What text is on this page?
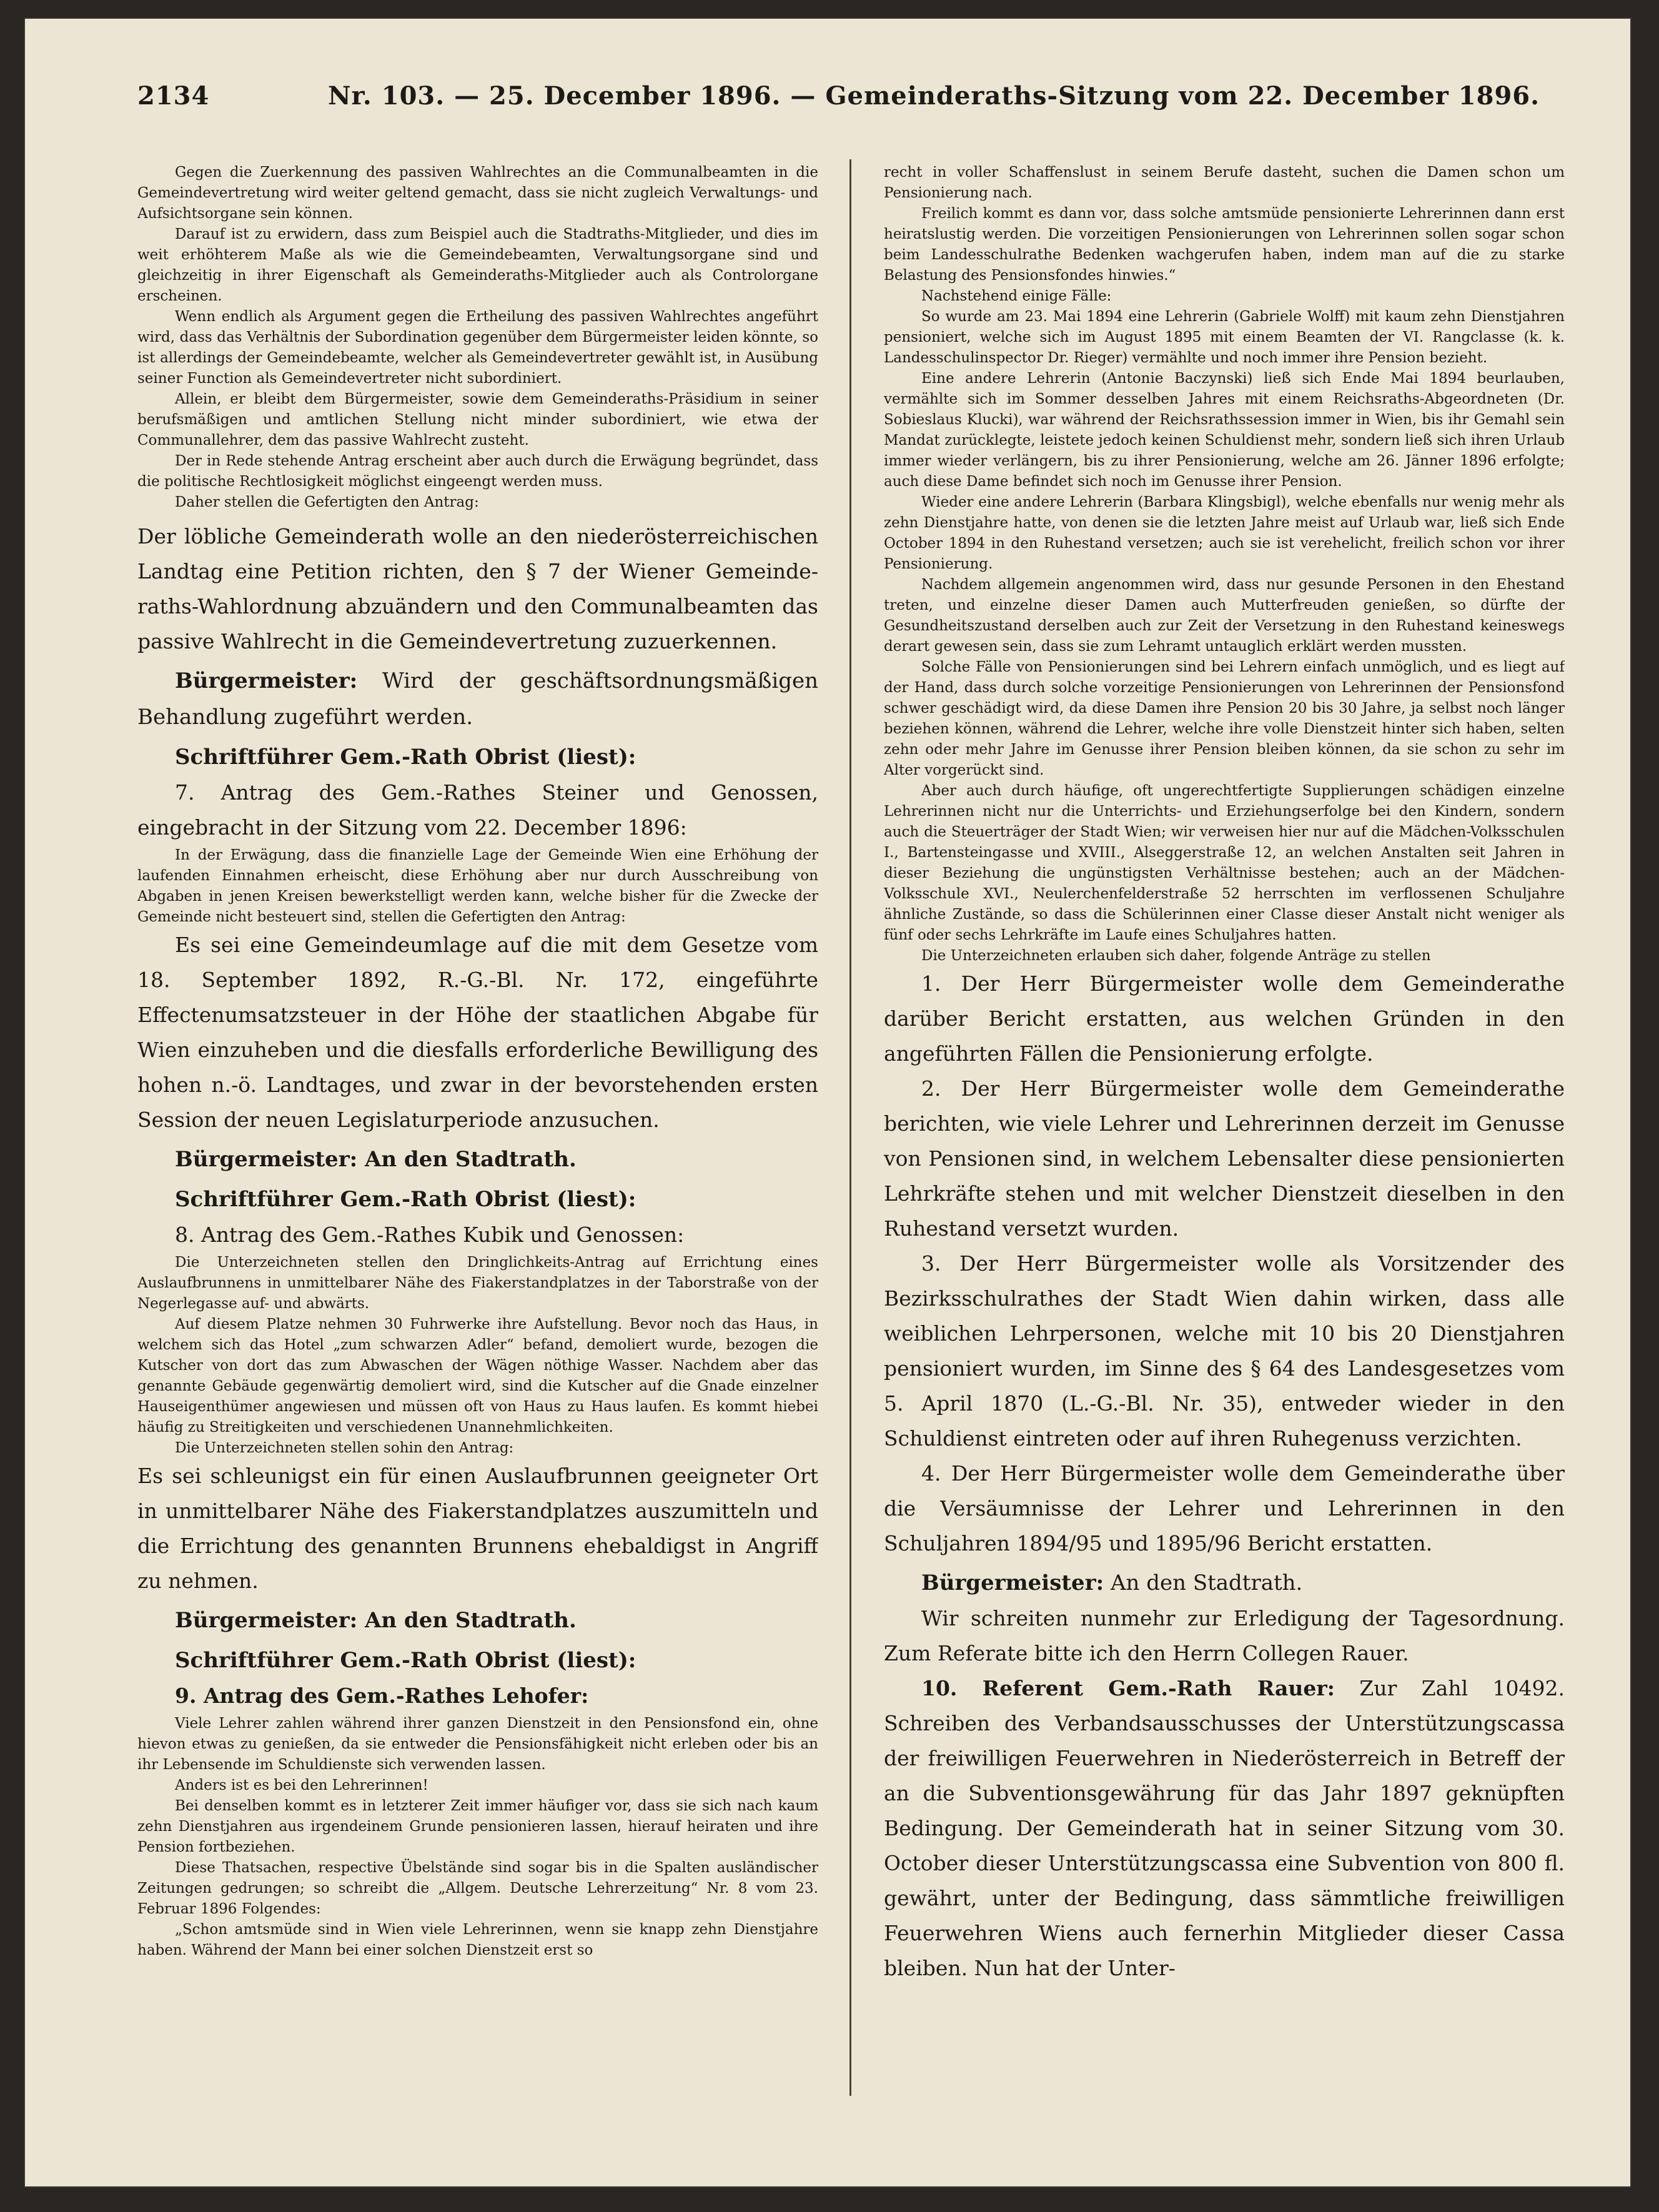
2134	Nr. 103. — 25. December 1896. — Gemeinderaths-Sitzung vom 22. December 1896.

Gegen die Zuerkennung des passiven Wahlrechtes an die Communalbeamten in die Gemeindevertretung wird weiter geltend gemacht, dass sie nicht zugleich Verwaltungs- und Aufsichtsorgane sein können.

Darauf ist zu erwidern, dass zum Beispiel auch die Stadtraths-Mitglieder, und dies im weit erhöhterem Maße als wie die Gemeindebeamten, Verwaltungsorgane sind und gleichzeitig in ihrer Eigenschaft als Gemeinderaths-Mitglieder auch als Controlorgane erscheinen.

Wenn endlich als Argument gegen die Ertheilung des passiven Wahlrechtes angeführt wird, dass das Verhältnis der Subordination gegenüber dem Bürgermeister leiden könnte, so ist allerdings der Gemeindebeamte, welcher als Gemeindevertreter gewählt ist, in Ausübung seiner Function als Gemeindevertreter nicht subordiniert.

Allein, er bleibt dem Bürgermeister, sowie dem Gemeinderaths-Präsidium in seiner berufsmäßigen und amtlichen Stellung nicht minder subordiniert, wie etwa der Communallehrer, dem das passive Wahlrecht zusteht.

Der in Rede stehende Antrag erscheint aber auch durch die Erwägung begründet, dass die politische Rechtlosigkeit möglichst eingeengt werden muss.

Daher stellen die Gefertigten den Antrag:

Der löbliche Gemeinderath wolle an den niederösterreichischen Landtag eine Petition richten, den § 7 der Wiener Gemeinde-raths-Wahlordnung abzuändern und den Communalbeamten das passive Wahlrecht in die Gemeindevertretung zuzuerkennen.

Bürgermeister: Wird der geschäftsordnungsmäßigen Behandlung zugeführt werden.

Schriftführer Gem.-Rath Obrist (liest):

7. Antrag des Gem.-Rathes Steiner und Genossen, eingebracht in der Sitzung vom 22. December 1896:

In der Erwägung, dass die finanzielle Lage der Gemeinde Wien eine Erhöhung der laufenden Einnahmen erheischt, diese Erhöhung aber nur durch Ausschreibung von Abgaben in jenen Kreisen bewerkstelligt werden kann, welche bisher für die Zwecke der Gemeinde nicht besteuert sind, stellen die Gefertigten den Antrag:

Es sei eine Gemeindeumlage auf die mit dem Gesetze vom 18. September 1892, R.-G.-Bl. Nr. 172, eingeführte Effectenumsatzsteuer in der Höhe der staatlichen Abgabe für Wien einzuheben und die diesfalls erforderliche Bewilligung des hohen n.-ö. Landtages, und zwar in der bevorstehenden ersten Session der neuen Legislaturperiode anzusuchen.

Bürgermeister: An den Stadtrath.

Schriftführer Gem.-Rath Obrist (liest):

8. Antrag des Gem.-Rathes Kubik und Genossen:

Die Unterzeichneten stellen den Dringlichkeits-Antrag auf Errichtung eines Auslaufbrunnens in unmittelbarer Nähe des Fiakerstandplatzes in der Taborstraße von der Negerlegasse auf- und abwärts.

Auf diesem Platze nehmen 30 Fuhrwerke ihre Aufstellung. Bevor noch das Haus, in welchem sich das Hotel „zum schwarzen Adler“ befand, demoliert wurde, bezogen die Kutscher von dort das zum Abwaschen der Wägen nöthige Wasser. Nachdem aber das genannte Gebäude gegenwärtig demoliert wird, sind die Kutscher auf die Gnade einzelner Hauseigenthümer angewiesen und müssen oft von Haus zu Haus laufen. Es kommt hiebei häufig zu Streitigkeiten und verschiedenen Unannehmlichkeiten.

Die Unterzeichneten stellen sohin den Antrag:

Es sei schleunigst ein für einen Auslaufbrunnen geeigneter Ort in unmittelbarer Nähe des Fiakerstandplatzes auszumitteln und die Errichtung des genannten Brunnens ehebaldigst in Angriff zu nehmen.

Bürgermeister: An den Stadtrath.

Schriftführer Gem.-Rath Obrist (liest):

9. Antrag des Gem.-Rathes Lehofer:

Viele Lehrer zahlen während ihrer ganzen Dienstzeit in den Pensionsfond ein, ohne hievon etwas zu genießen, da sie entweder die Pensionsfähigkeit nicht erleben oder bis an ihr Lebensende im Schuldienste sich verwenden lassen.

Anders ist es bei den Lehrerinnen!

Bei denselben kommt es in letzterer Zeit immer häufiger vor, dass sie sich nach kaum zehn Dienstjahren aus irgendeinem Grunde pensionieren lassen, hierauf heiraten und ihre Pension fortbeziehen.

Diese Thatsachen, respective Übelstände sind sogar bis in die Spalten ausländischer Zeitungen gedrungen; so schreibt die „Allgem. Deutsche Lehrerzeitung“ Nr. 8 vom 23. Februar 1896 Folgendes:

„Schon amtsmüde sind in Wien viele Lehrerinnen, wenn sie knapp zehn Dienstjahre haben. Während der Mann bei einer solchen Dienstzeit erst so

recht in voller Schaffenslust in seinem Berufe dasteht, suchen die Damen schon um Pensionierung nach.

Freilich kommt es dann vor, dass solche amtsmüde pensionierte Lehrerinnen dann erst heiratslustig werden. Die vorzeitigen Pensionierungen von Lehrerinnen sollen sogar schon beim Landesschulrathe Bedenken wachgerufen haben, indem man auf die zu starke Belastung des Pensionsfondes hinwies.“

Nachstehend einige Fälle:

So wurde am 23. Mai 1894 eine Lehrerin (Gabriele Wolff) mit kaum zehn Dienstjahren pensioniert, welche sich im August 1895 mit einem Beamten der VI. Rangclasse (k. k. Landesschulinspector Dr. Rieger) vermählte und noch immer ihre Pension bezieht.

Eine andere Lehrerin (Antonie Baczynski) ließ sich Ende Mai 1894 beurlauben, vermählte sich im Sommer desselben Jahres mit einem Reichsraths-Abgeordneten (Dr. Sobieslaus Klucki), war während der Reichsrathssession immer in Wien, bis ihr Gemahl sein Mandat zurücklegte, leistete jedoch keinen Schuldienst mehr, sondern ließ sich ihren Urlaub immer wieder verlängern, bis zu ihrer Pensionierung, welche am 26. Jänner 1896 erfolgte; auch diese Dame befindet sich noch im Genusse ihrer Pension.

Wieder eine andere Lehrerin (Barbara Klingsbigl), welche ebenfalls nur wenig mehr als zehn Dienstjahre hatte, von denen sie die letzten Jahre meist auf Urlaub war, ließ sich Ende October 1894 in den Ruhestand versetzen; auch sie ist verehelicht, freilich schon vor ihrer Pensionierung.

Nachdem allgemein angenommen wird, dass nur gesunde Personen in den Ehestand treten, und einzelne dieser Damen auch Mutterfreuden genießen, so dürfte der Gesundheitszustand derselben auch zur Zeit der Versetzung in den Ruhestand keineswegs derart gewesen sein, dass sie zum Lehramt untauglich erklärt werden mussten.

Solche Fälle von Pensionierungen sind bei Lehrern einfach unmöglich, und es liegt auf der Hand, dass durch solche vorzeitige Pensionierungen von Lehrerinnen der Pensionsfond schwer geschädigt wird, da diese Damen ihre Pension 20 bis 30 Jahre, ja selbst noch länger beziehen können, während die Lehrer, welche ihre volle Dienstzeit hinter sich haben, selten zehn oder mehr Jahre im Genusse ihrer Pension bleiben können, da sie schon zu sehr im Alter vorgerückt sind.

Aber auch durch häufige, oft ungerechtfertigte Supplierungen schädigen einzelne Lehrerinnen nicht nur die Unterrichts- und Erziehungserfolge bei den Kindern, sondern auch die Steuerträger der Stadt Wien; wir verweisen hier nur auf die Mädchen-Volksschulen I., Bartensteingasse und XVIII., Alseggerstraße 12, an welchen Anstalten seit Jahren in dieser Beziehung die ungünstigsten Verhältnisse bestehen; auch an der Mädchen-Volksschule XVI., Neulerchenfelderstraße 52 herrschten im verflossenen Schuljahre ähnliche Zustände, so dass die Schülerinnen einer Classe dieser Anstalt nicht weniger als fünf oder sechs Lehrkräfte im Laufe eines Schuljahres hatten.

Die Unterzeichneten erlauben sich daher, folgende Anträge zu stellen

1. Der Herr Bürgermeister wolle dem Gemeinderathe darüber Bericht erstatten, aus welchen Gründen in den angeführten Fällen die Pensionierung erfolgte.

2. Der Herr Bürgermeister wolle dem Gemeinderathe berichten, wie viele Lehrer und Lehrerinnen derzeit im Genusse von Pensionen sind, in welchem Lebensalter diese pensionierten Lehrkräfte stehen und mit welcher Dienstzeit dieselben in den Ruhestand versetzt wurden.

3. Der Herr Bürgermeister wolle als Vorsitzender des Bezirksschulrathes der Stadt Wien dahin wirken, dass alle weiblichen Lehrpersonen, welche mit 10 bis 20 Dienstjahren pensioniert wurden, im Sinne des § 64 des Landesgesetzes vom 5. April 1870 (L.-G.-Bl. Nr. 35), entweder wieder in den Schuldienst eintreten oder auf ihren Ruhegenuss verzichten.

4. Der Herr Bürgermeister wolle dem Gemeinderathe über die Versäumnisse der Lehrer und Lehrerinnen in den Schuljahren 1894/95 und 1895/96 Bericht erstatten.

Bürgermeister: An den Stadtrath.

Wir schreiten nunmehr zur Erledigung der Tagesordnung. Zum Referate bitte ich den Herrn Collegen Rauer.

10. Referent Gem.-Rath Rauer: Zur Zahl 10492. Schreiben des Verbandsausschusses der Unterstützungscassa der freiwilligen Feuerwehren in Niederösterreich in Betreff der an die Subventionsgewährung für das Jahr 1897 geknüpften Bedingung. Der Gemeinderath hat in seiner Sitzung vom 30. October dieser Unterstützungscassa eine Subvention von 800 fl. gewährt, unter der Bedingung, dass sämmtliche freiwilligen Feuerwehren Wiens auch fernerhin Mitglieder dieser Cassa bleiben. Nun hat der Unter-
